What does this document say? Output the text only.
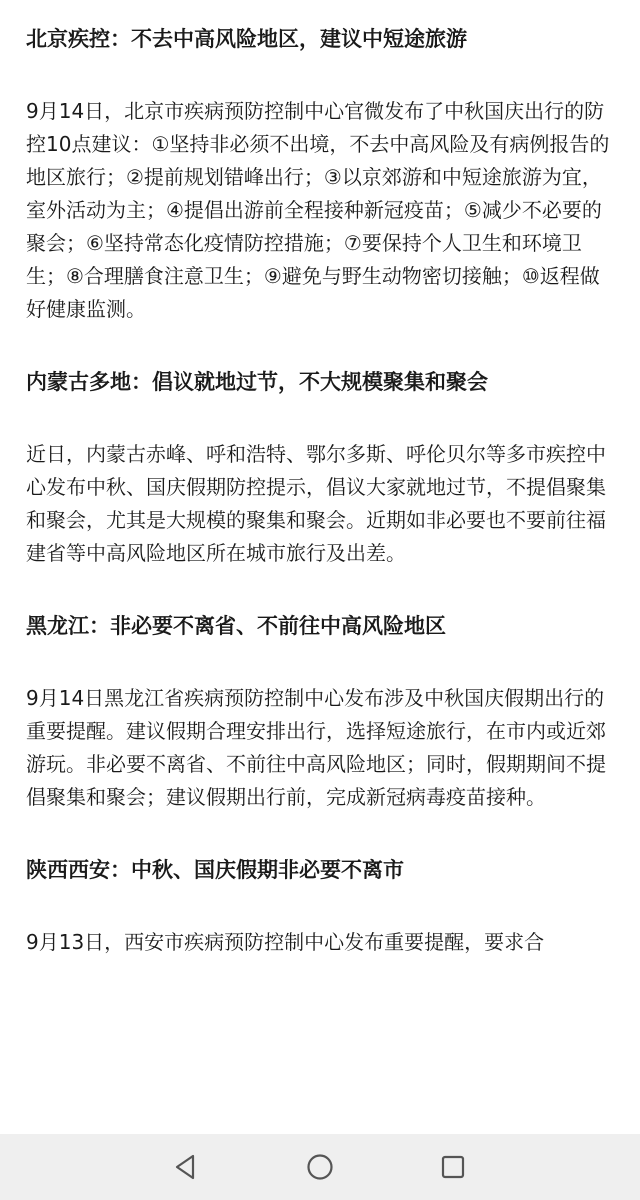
北京疾控：不去中高风险地区，建议中短途旅游

9月14日，北京市疾病预防控制中心官微发布了中秋国庆出行的防控10点建议：①坚持非必须不出境，不去中高风险及有病例报告的地区旅行；②提前规划错峰出行；③以京郊游和中短途旅游为宜，室外活动为主；④提倡出游前全程接种新冠疫苗；⑤减少不必要的聚会；⑥坚持常态化疫情防控措施；⑦要保持个人卫生和环境卫生；⑧合理膳食注意卫生；⑨避免与野生动物密切接触；⑩返程做好健康监测。

内蒙古多地：倡议就地过节，不大规模聚集和聚会

近日，内蒙古赤峰、呼和浩特、鄂尔多斯、呼伦贝尔等多市疾控中心发布中秋、国庆假期防控提示，倡议大家就地过节，不提倡聚集和聚会，尤其是大规模的聚集和聚会。近期如非必要也不要前往福建省等中高风险地区所在城市旅行及出差。

黑龙江：非必要不离省、不前往中高风险地区

9月14日黑龙江省疾病预防控制中心发布涉及中秋国庆假期出行的重要提醒。建议假期合理安排出行，选择短途旅行，在市内或近郊游玩。非必要不离省、不前往中高风险地区；同时，假期期间不提倡聚集和聚会；建议假期出行前，完成新冠病毒疫苗接种。

陕西西安：中秋、国庆假期非必要不离市

9月13日，西安市疾病预防控制中心发布重要提醒，要求合
